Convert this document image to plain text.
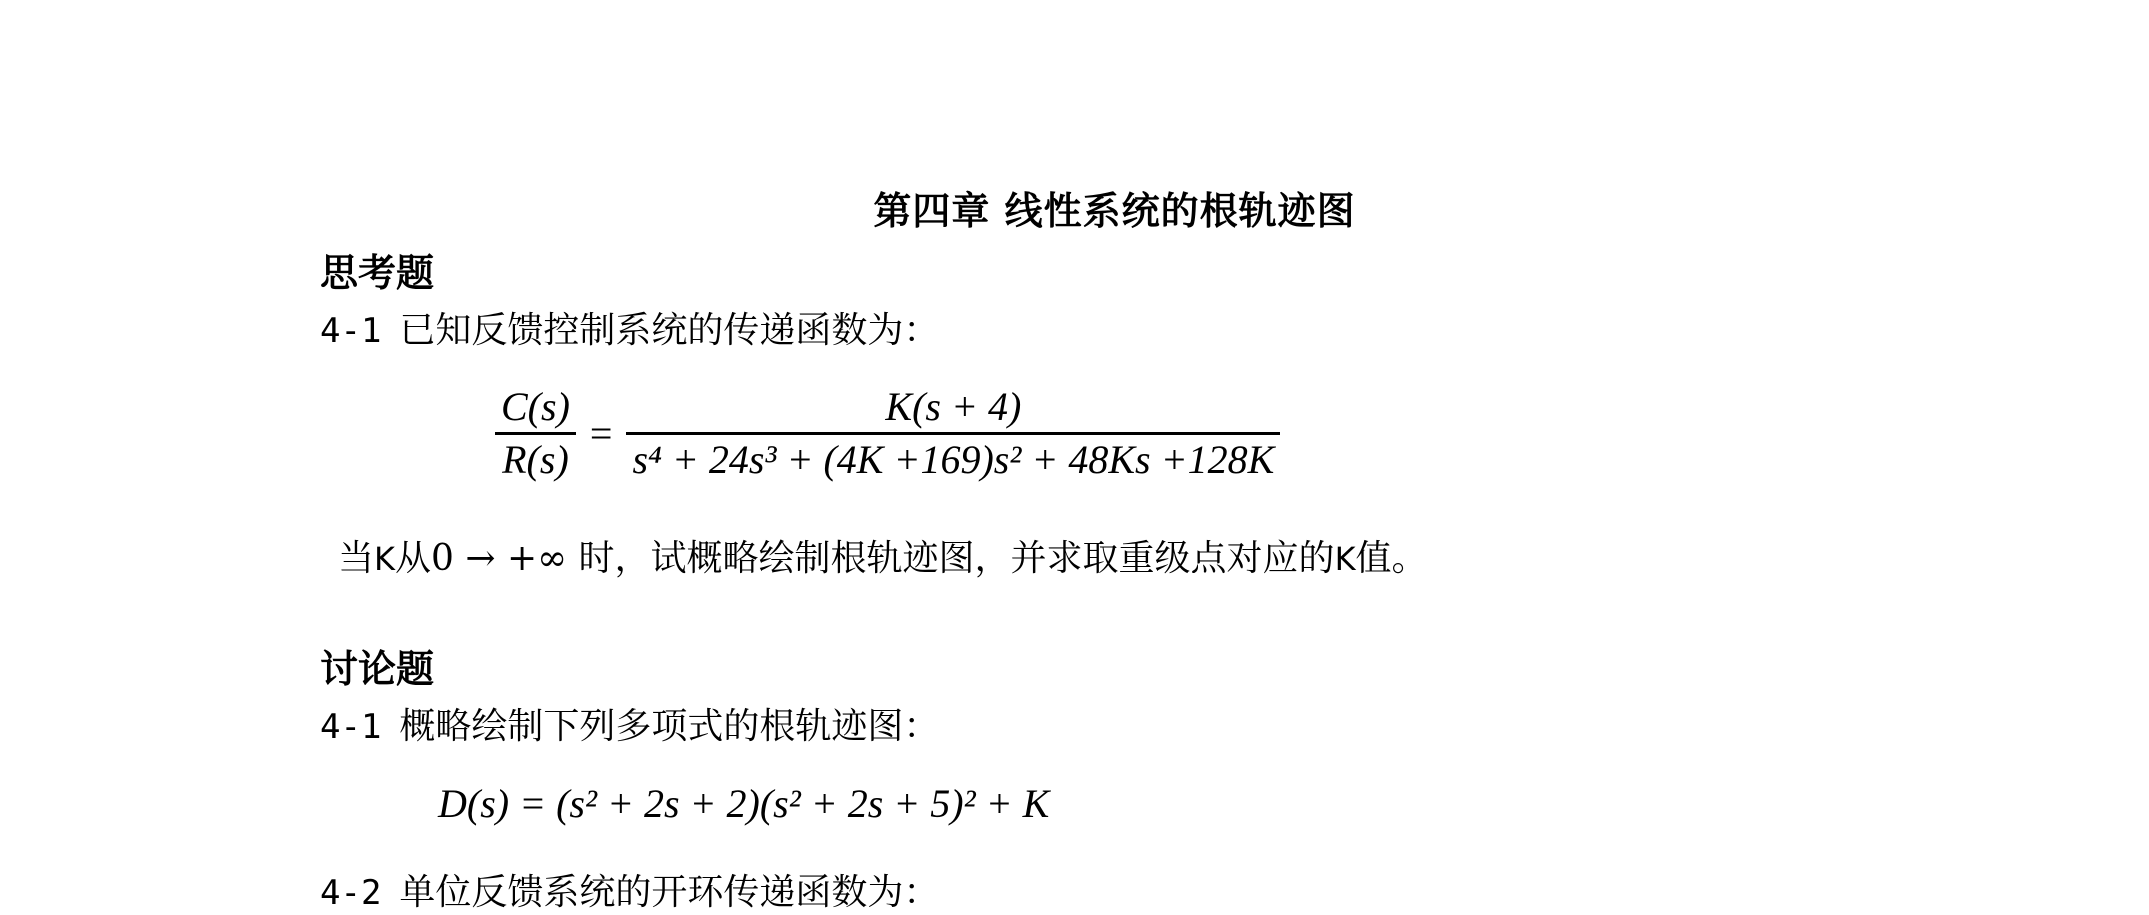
第四章 线性系统的根轨迹图
思考题
4-1 已知反馈控制系统的传递函数为：
$\frac{C(s)}{R(s)} = \frac{K(s + 4)}{\text{s⁴ + 24s³ + (4K +169)s² + 48Ks +128K}}$
当K从0 → +∞ 时，试概略绘制根轨迹图，并求取重级点对应的K值。
讨论题
4-1 概略绘制下列多项式的根轨迹图：
D(s) = (s² + 2s + 2)(s² + 2s + 5)² + K
4-2 单位反馈系统的开环传递函数为：
